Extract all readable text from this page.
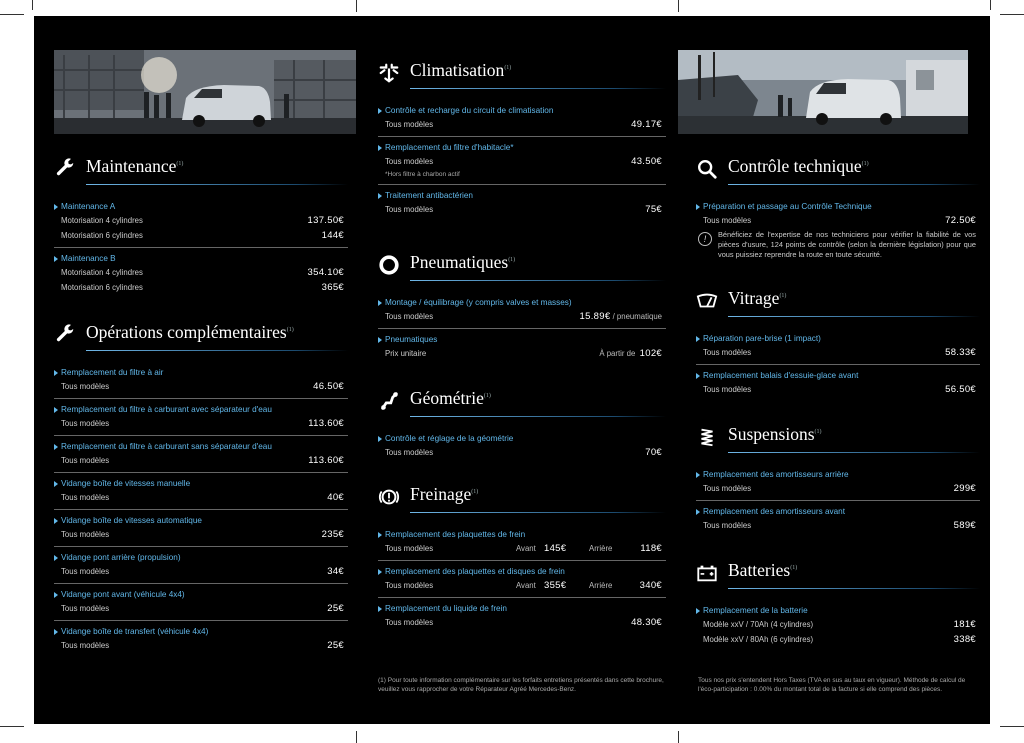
Maintenance$^{(1)}$
Maintenance A
Motorisation 4 cylindres	137.50€
Motorisation 6 cylindres	144€
Maintenance B
Motorisation 4 cylindres	354.10€
Motorisation 6 cylindres	365€
Opérations complémentaires$^{(1)}$
Remplacement du filtre à air
Tous modèles	46.50€
Remplacement du filtre à carburant avec séparateur d'eau
Tous modèles	113.60€
Remplacement du filtre à carburant sans séparateur d'eau
Tous modèles	113.60€
Vidange boîte de vitesses manuelle
Tous modèles	40€
Vidange boîte de vitesses automatique
Tous modèles	235€
Vidange pont arrière (propulsion)
Tous modèles	34€
Vidange pont avant (véhicule 4x4)
Tous modèles	25€
Vidange boîte de transfert (véhicule 4x4)
Tous modèles	25€
Climatisation$^{(1)}$
Contrôle et recharge du circuit de climatisation
Tous modèles	49.17€
Remplacement du filtre d'habitacle*
Tous modèles	43.50€
*Hors filtre à charbon actif
Traitement antibactérien
Tous modèles	75€
Pneumatiques$^{(1)}$
Montage / équilibrage (y compris valves et masses)
Tous modèles	15.89€ / pneumatique
Pneumatiques
Prix unitaire	À partir de 102€
Géométrie$^{(1)}$
Contrôle et réglage de la géométrie
Tous modèles	70€
Freinage$^{(1)}$
Remplacement des plaquettes de frein
Tous modèles	Avant 145€	Arrière	118€
Remplacement des plaquettes et disques de frein
Tous modèles	Avant 355€	Arrière	340€
Remplacement du liquide de frein
Tous modèles	48.30€
(1) Pour toute information complémentaire sur les forfaits entretiens présentés dans cette brochure, veuillez vous rapprocher de votre Réparateur Agréé Mercedes-Benz.
Contrôle technique$^{(1)}$
Préparation et passage au Contrôle Technique
Tous modèles	72.50€
!	Bénéficiez de l'expertise de nos techniciens pour vérifier la fiabilité de vos pièces d'usure, 124 points de contrôle (selon la dernière législation) pour que vous puissiez reprendre la route en toute sécurité.
Vitrage$^{(1)}$
Réparation pare-brise (1 impact)
Tous modèles	58.33€
Remplacement balais d'essuie-glace avant
Tous modèles	56.50€
Suspensions$^{(1)}$
Remplacement des amortisseurs arrière
Tous modèles	299€
Remplacement des amortisseurs avant
Tous modèles	589€
Batteries$^{(1)}$
Remplacement de la batterie
Modèle xxV / 70Ah (4 cylindres)	181€
Modèle xxV / 80Ah (6 cylindres)	338€
Tous nos prix s'entendent Hors Taxes (TVA en sus au taux en vigueur). Méthode de calcul de l'éco-participation : 0.00% du montant total de la facture si elle comprend des pièces.
